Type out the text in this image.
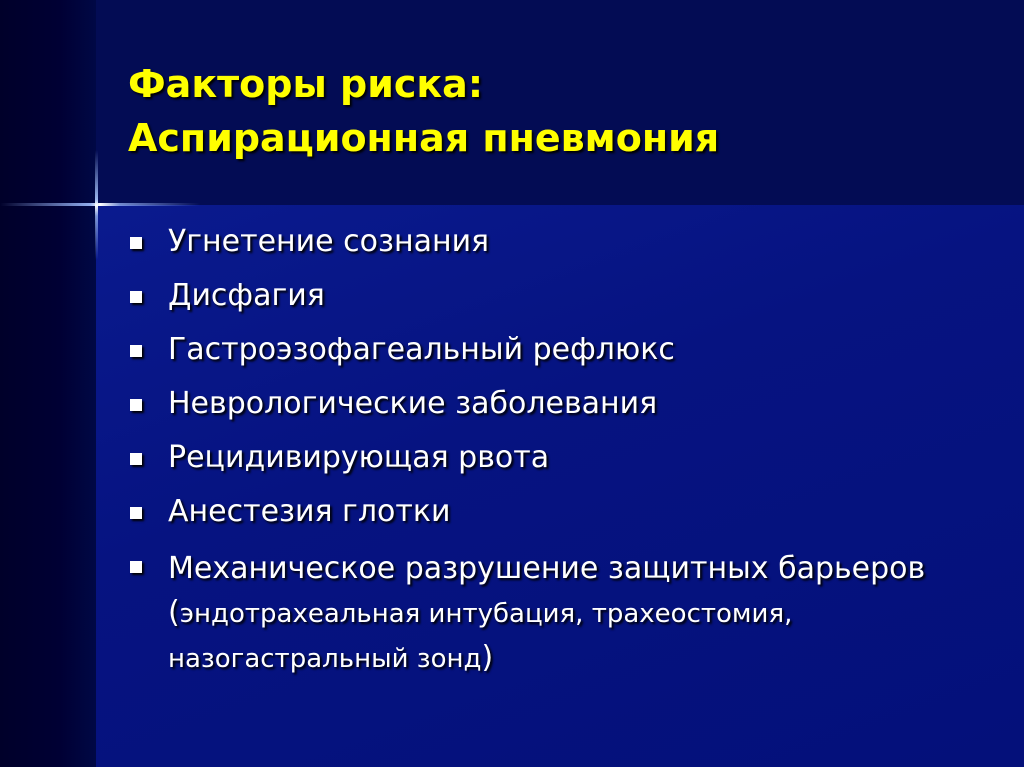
Факторы риска:
Аспирационная пневмония
Угнетение сознания
Дисфагия
Гастроэзофагеальный рефлюкс
Неврологические заболевания
Рецидивирующая рвота
Анестезия глотки
Механическое разрушение защитных барьеров (эндотрахеальная интубация, трахеостомия, назогастральный зонд)
